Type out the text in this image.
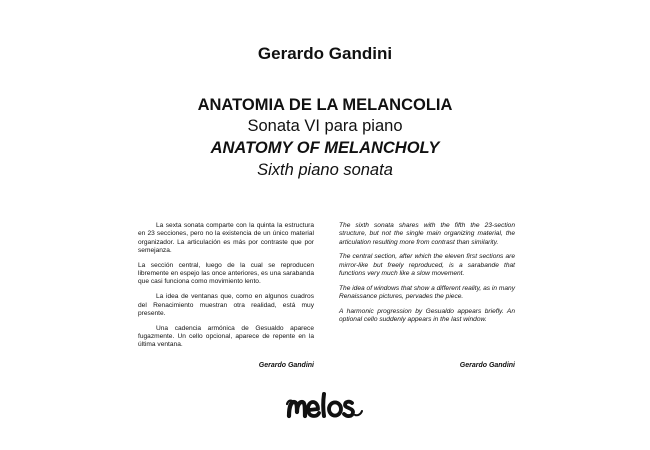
Gerardo Gandini
ANATOMIA DE LA MELANCOLIA
Sonata VI para piano
ANATOMY OF MELANCHOLY
Sixth piano sonata

La sexta sonata comparte con la quinta la estructura en 23 secciones, pero no la existencia de un único material organizador. La articulación es más por contraste que por semejanza.

La sección central, luego de la cual se reproducen libremente en espejo las once anteriores, es una sarabanda que casi funciona como movimiento lento.

La idea de ventanas que, como en algunos cuadros del Renacimiento muestran otra realidad, está muy presente.

Una cadencia armónica de Gesualdo aparece fugazmente. Un cello opcional, aparece de repente en la última ventana.

Gerardo Gandini

The sixth sonata shares with the fifth the 23-section structure, but not the single main organizing material, the articulation resulting more from contrast than similarity.

The central section, after which the eleven first sections are mirror-like but freely reproduced, is a sarabande that functions very much like a slow movement.

The idea of windows that show a different reality, as in many Renaissance pictures, pervades the piece.

A harmonic progression by Gesualdo appears briefly. An optional cello suddenly appears in the last window.

Gerardo Gandini
